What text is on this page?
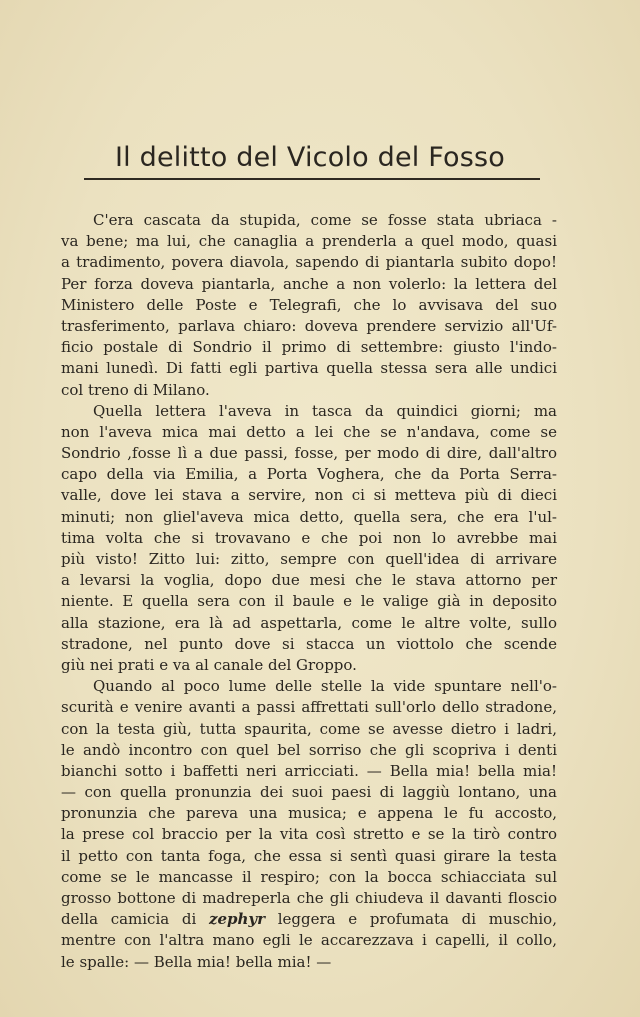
Il delitto del Vicolo del Fosso
C'era cascata da stupida, come se fosse stata ubriaca -
va bene; ma lui, che canaglia a prenderla a quel modo, quasi
a tradimento, povera diavola, sapendo di piantarla subito dopo!
Per forza doveva piantarla, anche a non volerlo: la lettera del
Ministero delle Poste e Telegrafi, che lo avvisava del suo
trasferimento, parlava chiaro: doveva prendere servizio all'Uf-
ficio postale di Sondrio il primo di settembre: giusto l'indo-
mani lunedì. Di fatti egli partiva quella stessa sera alle undici
col treno di Milano.
Quella lettera l'aveva in tasca da quindici giorni; ma
non l'aveva mica mai detto a lei che se n'andava, come se
Sondrio ,fosse lì a due passi, fosse, per modo di dire, dall'altro
capo della via Emilia, a Porta Voghera, che da Porta Serra-
valle, dove lei stava a servire, non ci si metteva più di dieci
minuti; non gliel'aveva mica detto, quella sera, che era l'ul-
tima volta che si trovavano e che poi non lo avrebbe mai
più visto! Zitto lui: zitto, sempre con quell'idea di arrivare
a levarsi la voglia, dopo due mesi che le stava attorno per
niente. E quella sera con il baule e le valige già in deposito
alla stazione, era là ad aspettarla, come le altre volte, sullo
stradone, nel punto dove si stacca un viottolo che scende
giù nei prati e va al canale del Groppo.
Quando al poco lume delle stelle la vide spuntare nell'o-
scurità e venire avanti a passi affrettati sull'orlo dello stradone,
con la testa giù, tutta spaurita, come se avesse dietro i ladri,
le andò incontro con quel bel sorriso che gli scopriva i denti
bianchi sotto i baffetti neri arricciati. — Bella mia! bella mia!
— con quella pronunzia dei suoi paesi di laggiù lontano, una
pronunzia che pareva una musica; e appena le fu accosto,
la prese col braccio per la vita così stretto e se la tirò contro
il petto con tanta foga, che essa si sentì quasi girare la testa
come se le mancasse il respiro; con la bocca schiacciata sul
grosso bottone di madreperla che gli chiudeva il davanti floscio
della camicia di zephyr leggera e profumata di muschio,
mentre con l'altra mano egli le accarezzava i capelli, il collo,
le spalle: — Bella mia! bella mia! —
